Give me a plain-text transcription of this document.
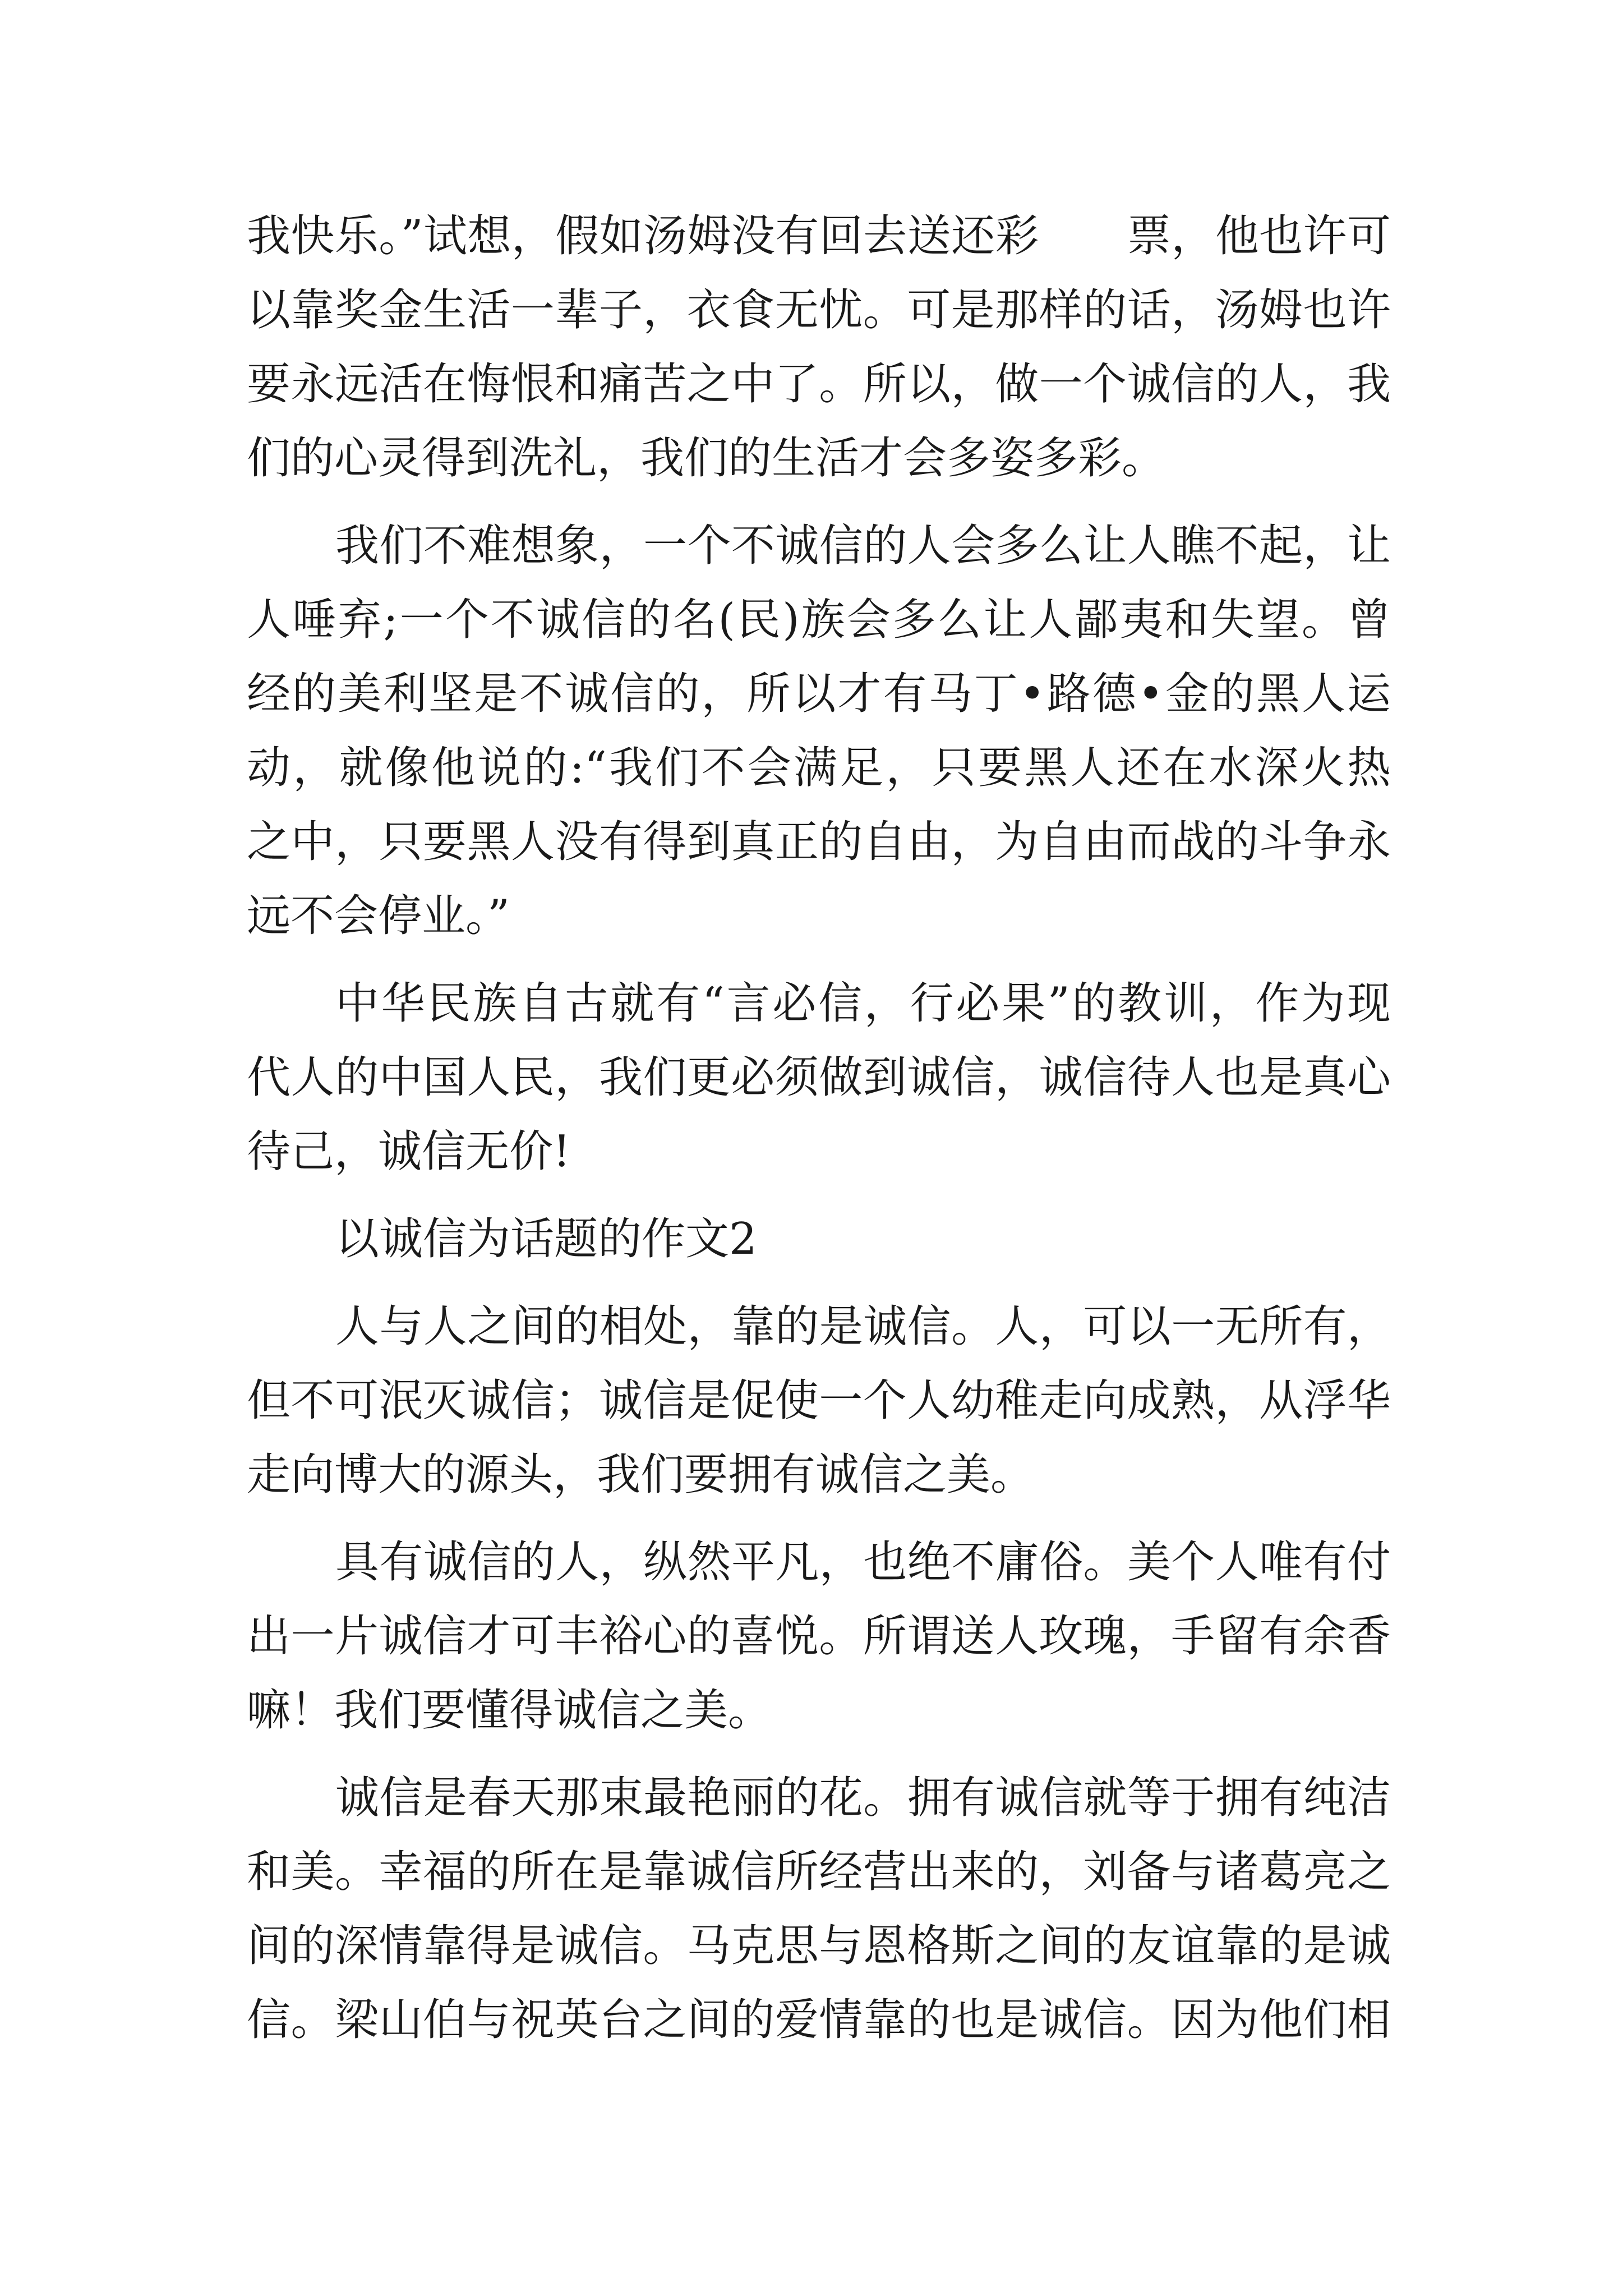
我快乐。”试想，假如汤姆没有回去送还彩　　票，他也许可
以靠奖金生活一辈子，衣食无忧。可是那样的话，汤姆也许
要永远活在悔恨和痛苦之中了。所以，做一个诚信的人，我
们的心灵得到洗礼，我们的生活才会多姿多彩。
我们不难想象，一个不诚信的人会多么让人瞧不起，让
人唾弃;一个不诚信的名(民)族会多么让人鄙夷和失望。曾
经的美利坚是不诚信的，所以才有马丁•路德•金的黑人运
动，就像他说的:“我们不会满足，只要黑人还在水深火热
之中，只要黑人没有得到真正的自由，为自由而战的斗争永
远不会停业。”
中华民族自古就有“言必信，行必果”的教训，作为现
代人的中国人民，我们更必须做到诚信，诚信待人也是真心
待己，诚信无价!
以诚信为话题的作文2
人与人之间的相处，靠的是诚信。人，可以一无所有，
但不可泯灭诚信；诚信是促使一个人幼稚走向成熟，从浮华
走向博大的源头，我们要拥有诚信之美。
具有诚信的人，纵然平凡，也绝不庸俗。美个人唯有付
出一片诚信才可丰裕心的喜悦。所谓送人玫瑰，手留有余香
嘛！我们要懂得诚信之美。
诚信是春天那束最艳丽的花。拥有诚信就等于拥有纯洁
和美。幸福的所在是靠诚信所经营出来的，刘备与诸葛亮之
间的深情靠得是诚信。马克思与恩格斯之间的友谊靠的是诚
信。梁山伯与祝英台之间的爱情靠的也是诚信。因为他们相
